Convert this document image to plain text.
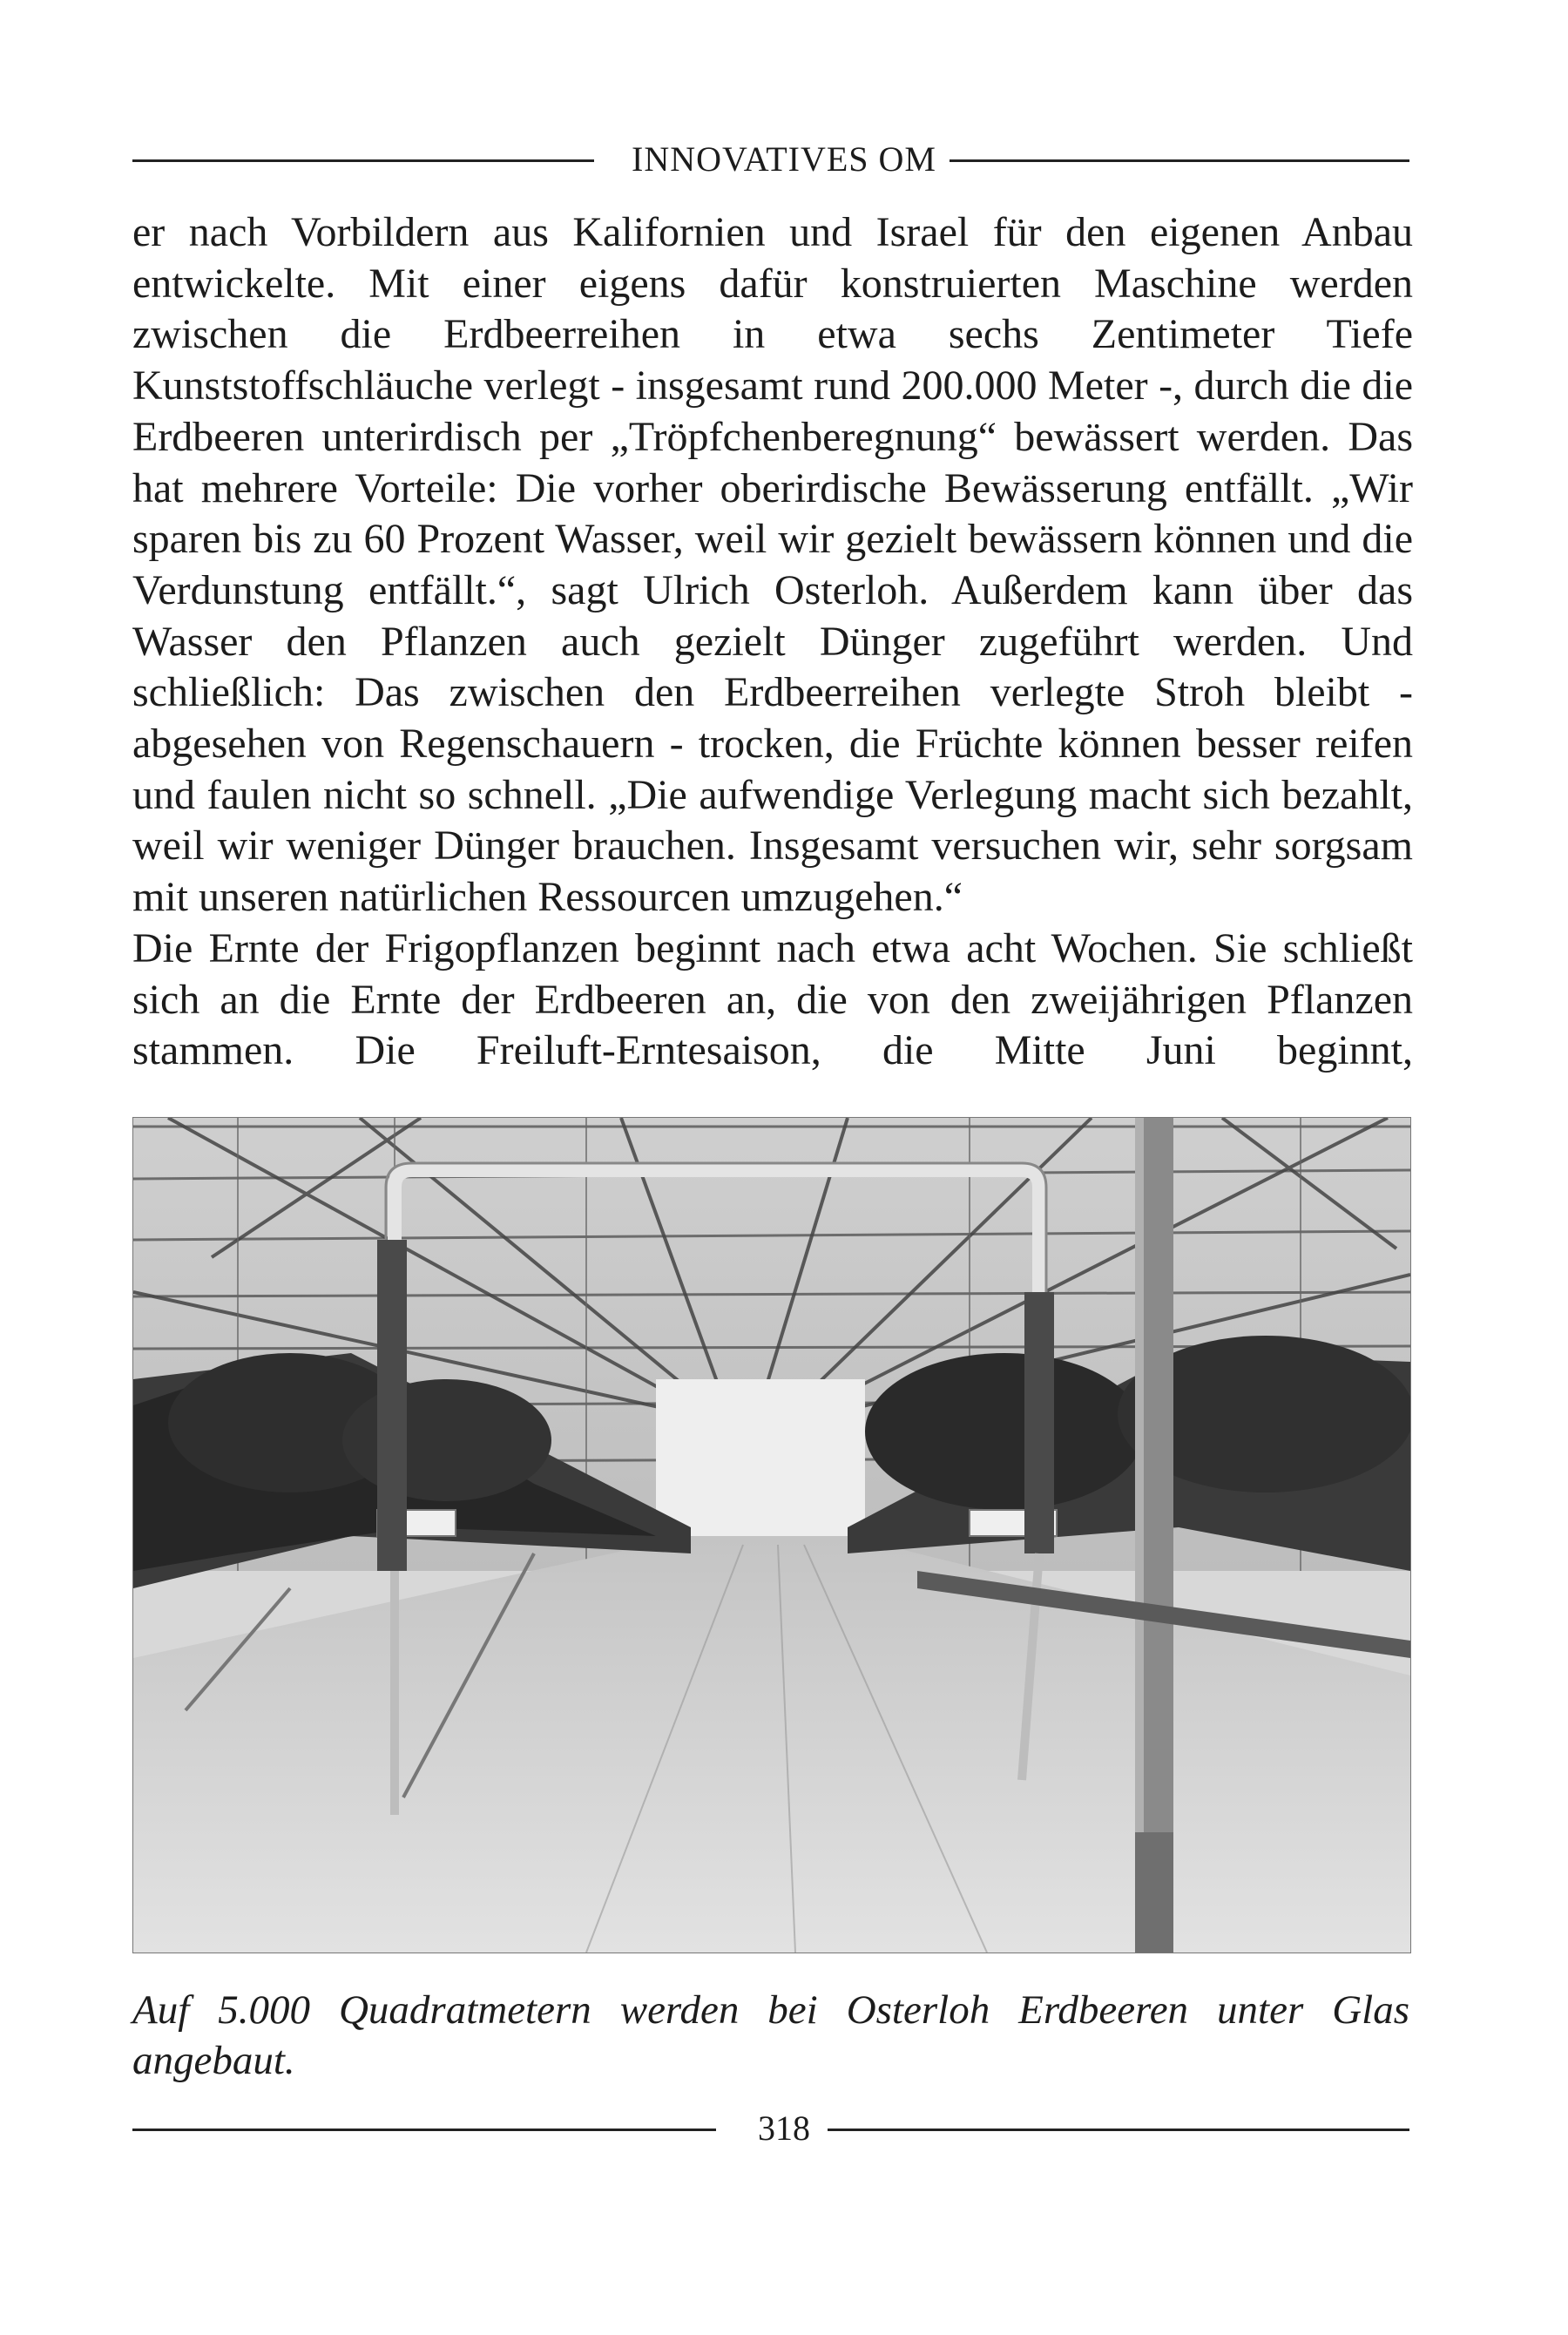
INNOVATIVES OM

er nach Vorbildern aus Kalifornien und Israel für den eigenen Anbau entwickelte. Mit einer eigens dafür konstruierten Maschine werden zwischen die Erdbeerreihen in etwa sechs Zentimeter Tiefe Kunststoffschläuche verlegt - insgesamt rund 200.000 Meter -, durch die die Erdbeeren unterirdisch per „Tröpfchenberegnung“ bewässert werden. Das hat mehrere Vorteile: Die vorher oberirdische Bewässerung entfällt. „Wir sparen bis zu 60 Prozent Wasser, weil wir gezielt bewässern können und die Verdunstung entfällt.“, sagt Ulrich Osterloh. Außerdem kann über das Wasser den Pflanzen auch gezielt Dünger zugeführt werden. Und schließlich: Das zwischen den Erdbeerreihen verlegte Stroh bleibt - abgesehen von Regenschauern - trocken, die Früchte können besser reifen und faulen nicht so schnell. „Die aufwendige Verlegung macht sich bezahlt, weil wir weniger Dünger brauchen. Insgesamt versuchen wir, sehr sorgsam mit unseren natürlichen Ressourcen umzugehen.“

Die Ernte der Frigopflanzen beginnt nach etwa acht Wochen. Sie schließt sich an die Ernte der Erdbeeren an, die von den zweijährigen Pflanzen stammen. Die Freiluft-Erntesaison, die Mitte Juni beginnt,

Auf 5.000 Quadratmetern werden bei Osterloh Erdbeeren unter Glas angebaut.
318
